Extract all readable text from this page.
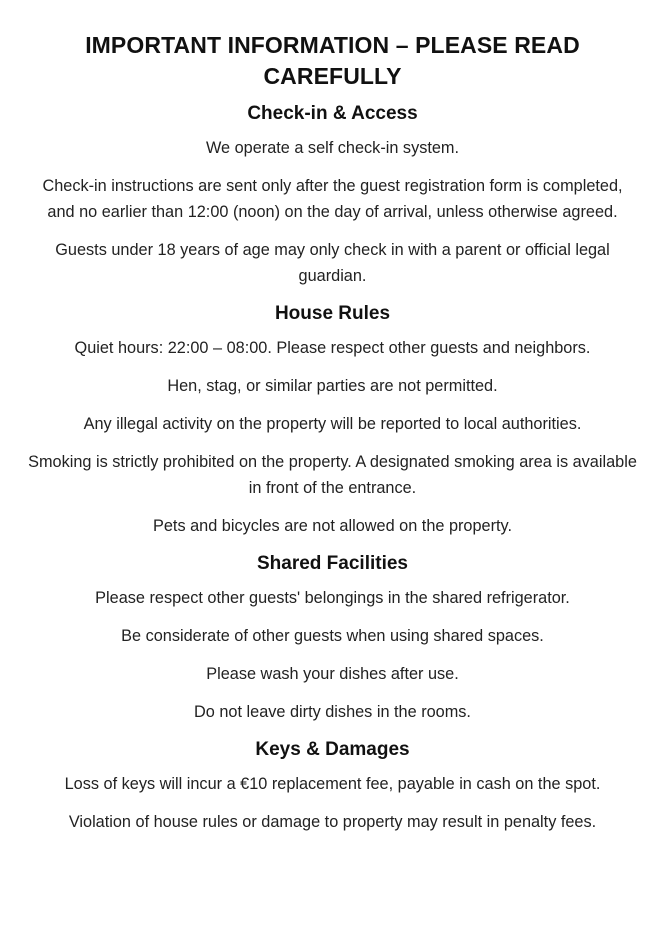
IMPORTANT INFORMATION – PLEASE READ CAREFULLY
Check-in & Access

We operate a self check-in system.

Check-in instructions are sent only after the guest registration form is completed, and no earlier than 12:00 (noon) on the day of arrival, unless otherwise agreed.

Guests under 18 years of age may only check in with a parent or official legal guardian.

House Rules

Quiet hours: 22:00 – 08:00. Please respect other guests and neighbors.

Hen, stag, or similar parties are not permitted.

Any illegal activity on the property will be reported to local authorities.

Smoking is strictly prohibited on the property. A designated smoking area is available in front of the entrance.

Pets and bicycles are not allowed on the property.

Shared Facilities

Please respect other guests' belongings in the shared refrigerator.

Be considerate of other guests when using shared spaces.

Please wash your dishes after use.

Do not leave dirty dishes in the rooms.

Keys & Damages

Loss of keys will incur a €10 replacement fee, payable in cash on the spot.

Violation of house rules or damage to property may result in penalty fees.
